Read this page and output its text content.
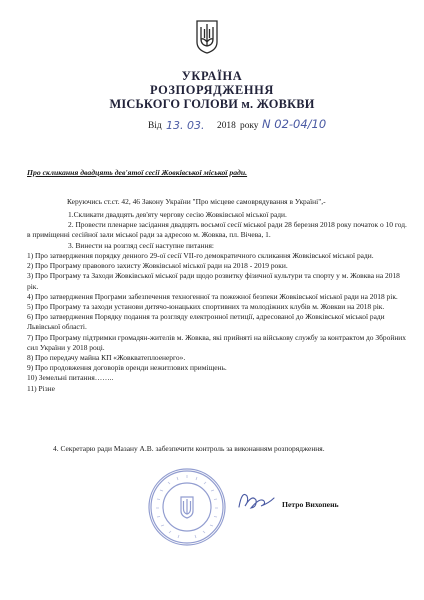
УКРАЇНА
РОЗПОРЯДЖЕННЯ
МІСЬКОГО ГОЛОВИ м. ЖОВКВИ
Від 13. 03. 2018 року N 02-04/10
Про скликання двадцять дев'ятої сесії Жовківської міської ради.
Керуючись ст.ст. 42, 46 Закону України "Про місцеве самоврядування в Україні",-
1.Скликати двадцять дев'яту чергову сесію Жовківської міської ради.
2. Провести пленарне засідання двадцять восьмої сесії міської ради 28 березня 2018 року початок о 10 год. в приміщенні сесійної зали міської ради за адресою м. Жовква, пл. Вічева, 1.
3. Винести на розгляд сесії наступне питання:
1) Про затвердження порядку денного 29-ої сесії VII-го демократичного скликання Жовківської міської ради.
2) Про Програму правового захисту Жовківської міської ради на 2018 - 2019 роки.
3) Про Програму та Заходи Жовківської міської ради щодо розвитку фізичної культури та спорту у м. Жовква на 2018 рік.
4) Про затвердження Програми забезпечення техногенної та пожежної безпеки Жовківської міської ради на 2018 рік.
5) Про Програму та заходи установи дитячо-юнацьких спортивних та молодіжних клубів м. Жовкви на 2018 рік.
6) Про затвердження Порядку подання та розгляду електронної петиції, адресованої до Жовківської міської ради Львівської області.
7) Про Програму підтримки громадян-жителів м. Жовква, які прийняті на військову службу за контрактом до Збройних сил України у 2018 році.
8) Про передачу майна КП «Жовкватеплоенерго».
9) Про продовження договорів оренди нежитлових приміщень.
10) Земельні питання……..
11) Різне
4. Секретарю ради Мазану А.В. забезпечити контроль за виконанням розпорядження.
Петро Вихопень
